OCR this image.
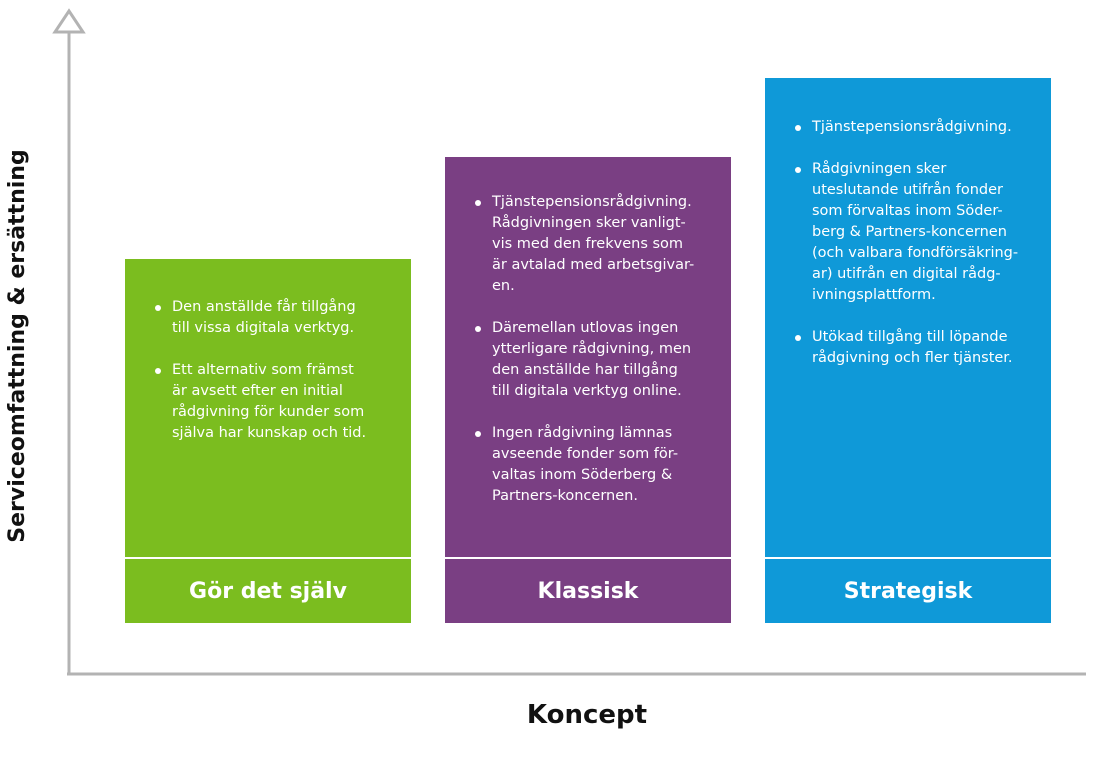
Serviceomfattning & ersättning
Koncept
Den anställde får tillgång
till vissa digitala verktyg.
Ett alternativ som främst
är avsett efter en initial
rådgivning för kunder som
själva har kunskap och tid.
Gör det själv
Tjänstepensionsrådgivning.
Rådgivningen sker vanligt-
vis med den frekvens som
är avtalad med arbetsgivar-
en.
Däremellan utlovas ingen
ytterligare rådgivning, men
den anställde har tillgång
till digitala verktyg online.
Ingen rådgivning lämnas
avseende fonder som för-
valtas inom Söderberg &
Partners-koncernen.
Klassisk
Tjänstepensionsrådgivning.
Rådgivningen sker
uteslutande utifrån fonder
som förvaltas inom Söder-
berg & Partners-koncernen
(och valbara fondförsäkring-
ar) utifrån en digital rådg-
ivningsplattform.
Utökad tillgång till löpande
rådgivning och fler tjänster.
Strategisk
